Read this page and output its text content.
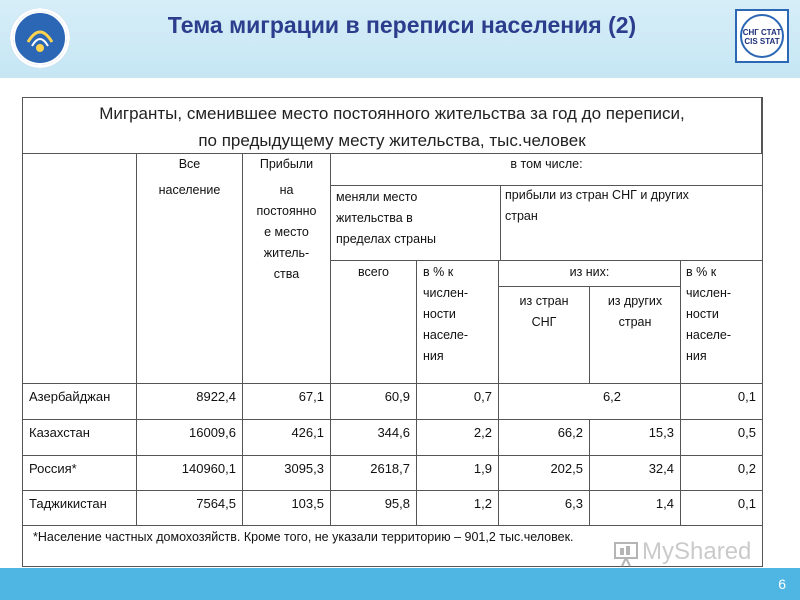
Тема миграции в переписи населения (2)	СНГ СТАТ
CIS STAT
Мигранты, сменившее место постоянного жительства за год до переписи,
по предыдущему месту жительства, тыс.человек
Все
население
Прибыли
на
постоянно
е место
житель-
ства
в том числе:
меняли место
жительства в
пределах страны
прибыли из стран СНГ и других
стран
всего	в % к
числен-
ности
населе-
ния
из них:	в % к
числен-
ности
населе-
ния
из стран
СНГ
из других
стран
Азербайджан	8922,4	67,1	60,9	0,7	6,2	0,1
Казахстан	16009,6	426,1	344,6	2,2	66,2	15,3	0,5
Россия*	140960,1	3095,3	2618,7	1,9	202,5	32,4	0,2
Таджикистан	7564,5	103,5	95,8	1,2	6,3	1,4	0,1
*Население частных домохозяйств. Кроме того, не указали территорию – 901,2 тыс.человек.
MyShared
6
